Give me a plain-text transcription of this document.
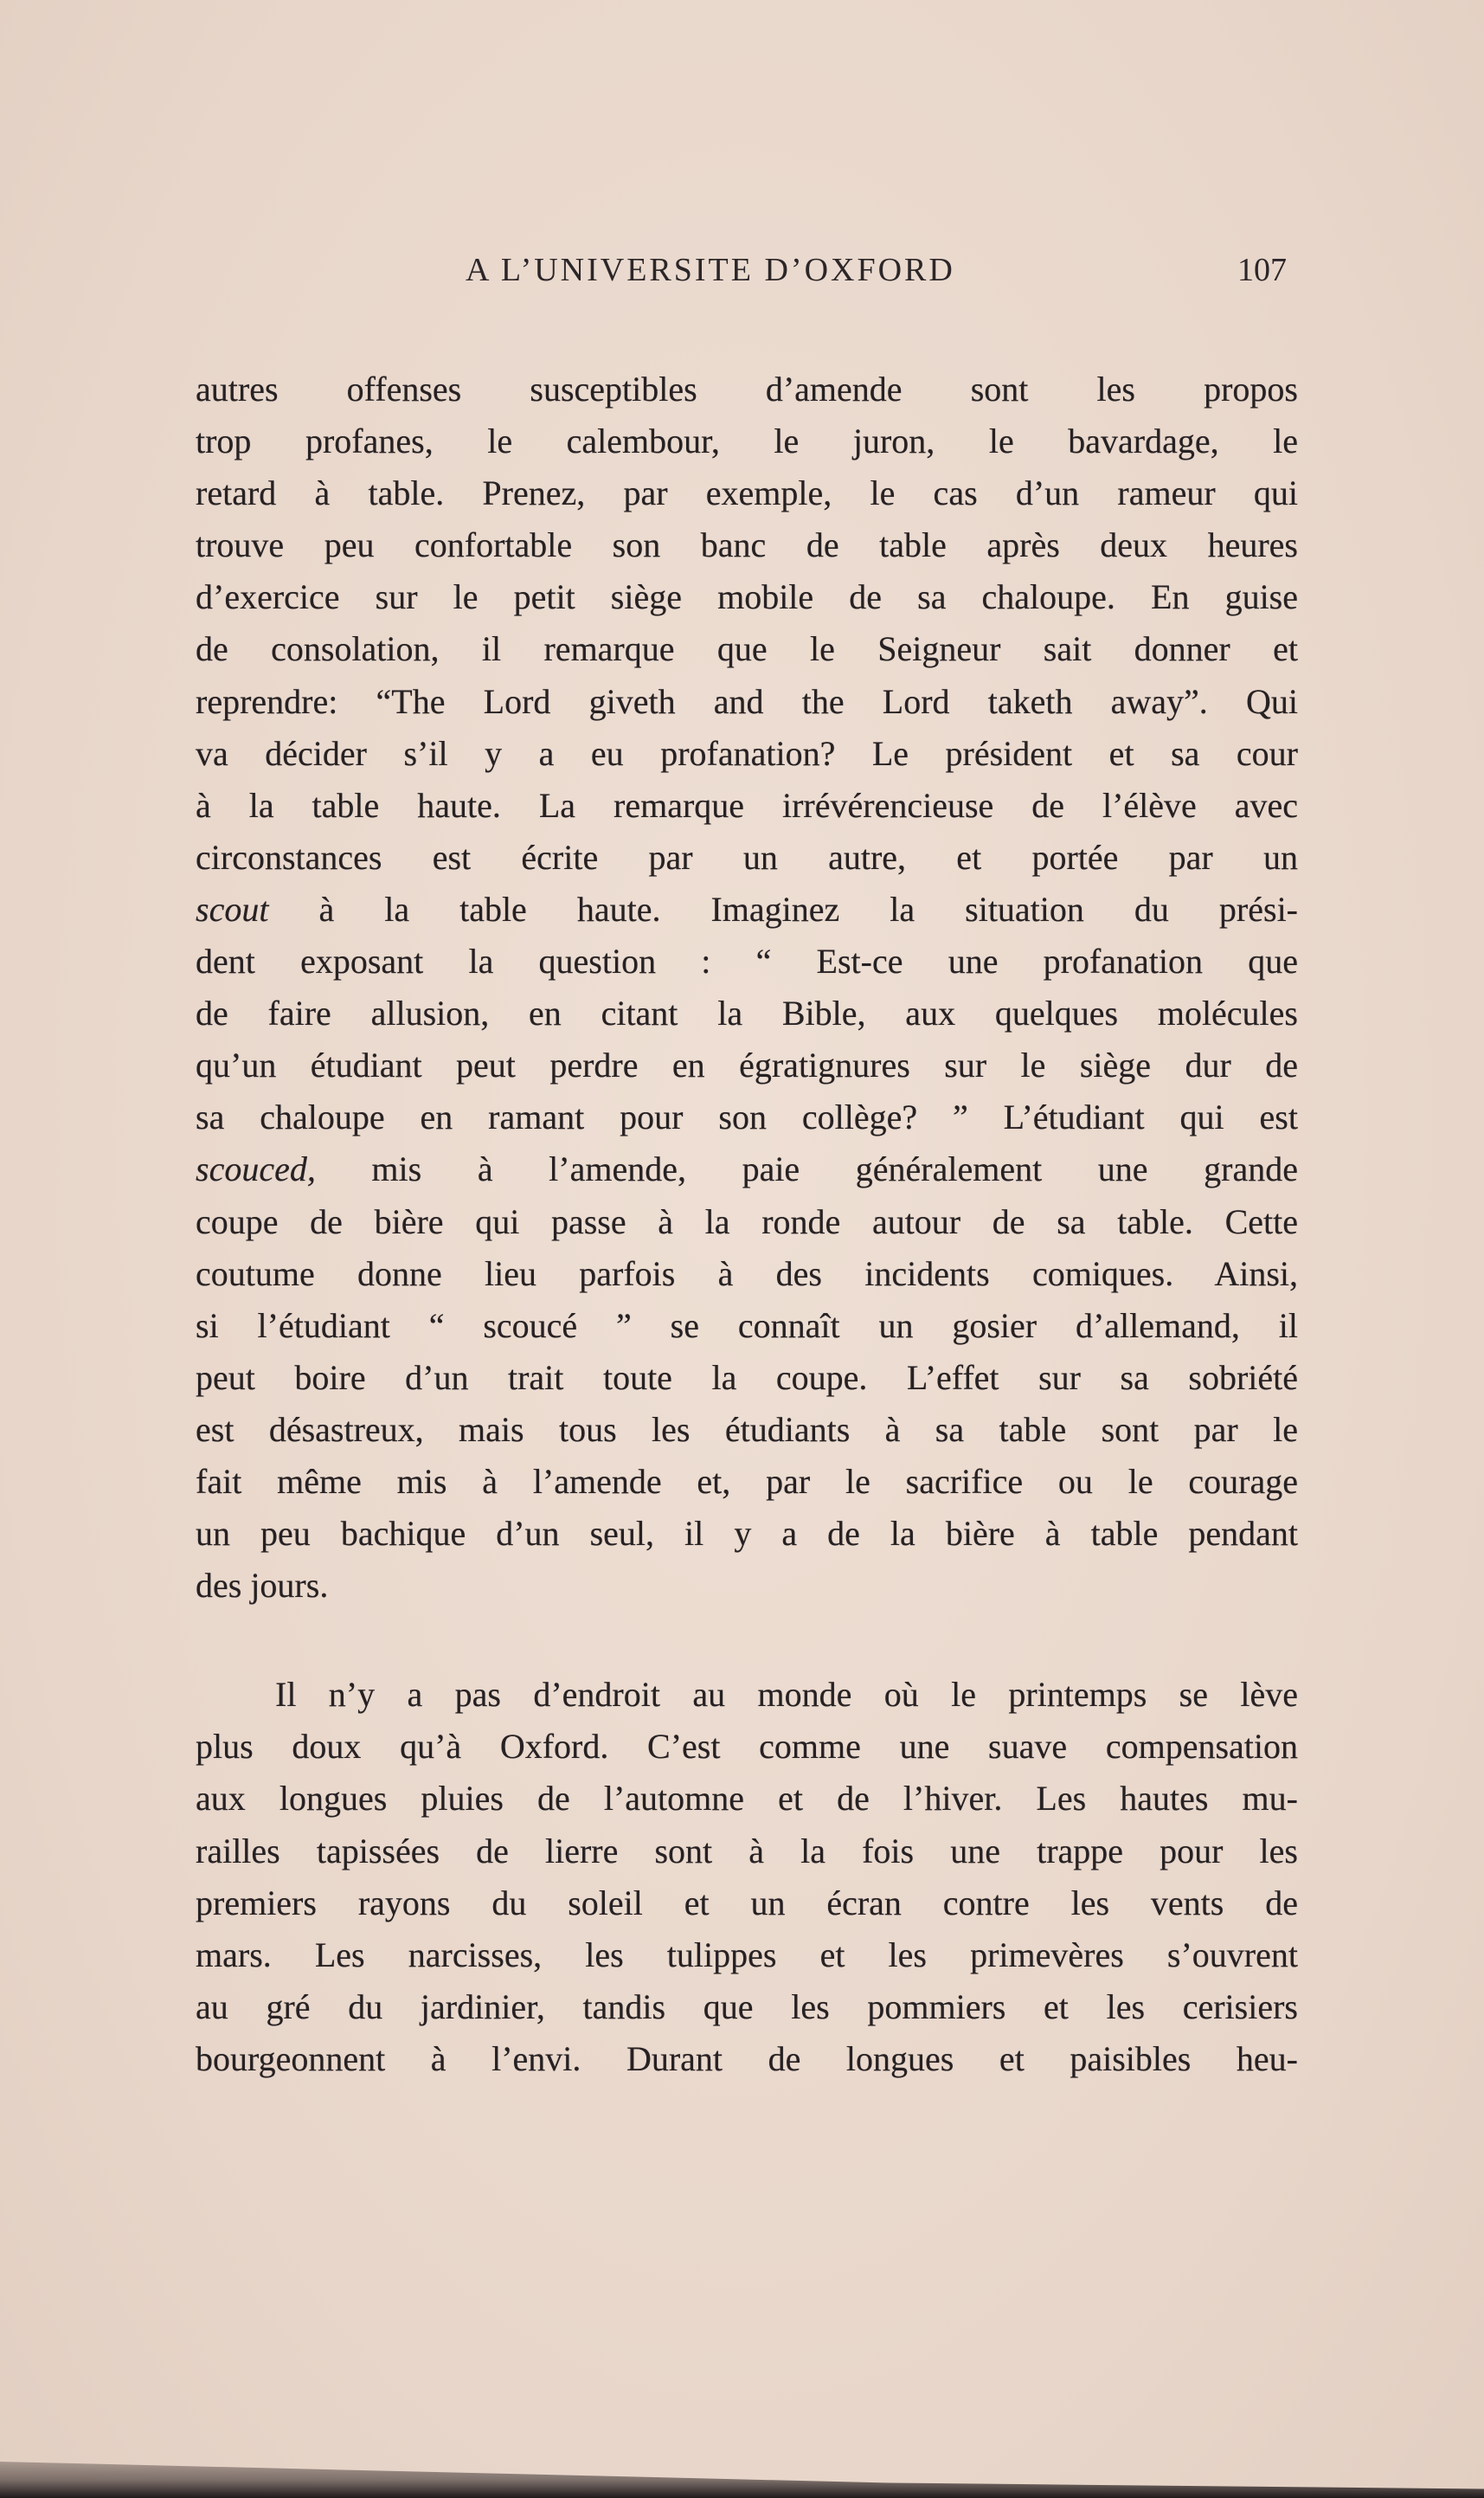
A L’UNIVERSITE D’OXFORD	107
autres offenses susceptibles d’amende sont les propos
trop profanes, le calembour, le juron, le bavardage, le
retard à table. Prenez, par exemple, le cas d’un rameur qui
trouve peu confortable son banc de table après deux heures
d’exercice sur le petit siège mobile de sa chaloupe. En guise
de consolation, il remarque que le Seigneur sait donner et
reprendre: “The Lord giveth and the Lord taketh away”. Qui
va décider s’il y a eu profanation? Le président et sa cour
à la table haute. La remarque irrévérencieuse de l’élève avec
circonstances est écrite par un autre, et portée par un
scout à la table haute. Imaginez la situation du prési-
dent exposant la question : “ Est-ce une profanation que
de faire allusion, en citant la Bible, aux quelques molécules
qu’un étudiant peut perdre en égratignures sur le siège dur de
sa chaloupe en ramant pour son collège? ” L’étudiant qui est
scouced, mis à l’amende, paie généralement une grande
coupe de bière qui passe à la ronde autour de sa table. Cette
coutume donne lieu parfois à des incidents comiques. Ainsi,
si l’étudiant “ scoucé ” se connaît un gosier d’allemand, il
peut boire d’un trait toute la coupe. L’effet sur sa sobriété
est désastreux, mais tous les étudiants à sa table sont par le
fait même mis à l’amende et, par le sacrifice ou le courage
un peu bachique d’un seul, il y a de la bière à table pendant
des jours.
Il n’y a pas d’endroit au monde où le printemps se lève
plus doux qu’à Oxford. C’est comme une suave compensation
aux longues pluies de l’automne et de l’hiver. Les hautes mu-
railles tapissées de lierre sont à la fois une trappe pour les
premiers rayons du soleil et un écran contre les vents de
mars. Les narcisses, les tulippes et les primevères s’ouvrent
au gré du jardinier, tandis que les pommiers et les cerisiers
bourgeonnent à l’envi. Durant de longues et paisibles heu-
